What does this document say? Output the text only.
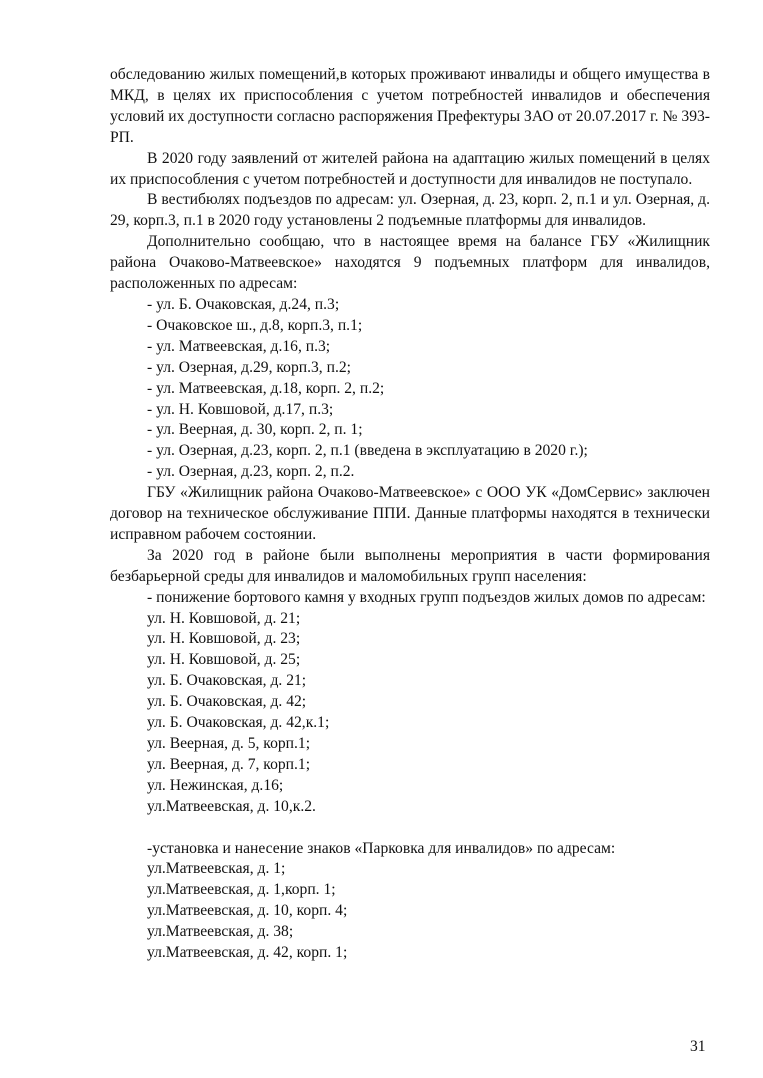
обследованию жилых помещений,в которых проживают инвалиды и общего имущества в МКД, в целях их приспособления с учетом потребностей инвалидов и обеспечения условий их доступности согласно распоряжения Префектуры ЗАО от 20.07.2017 г. № 393-РП.

В 2020 году заявлений от жителей района на адаптацию жилых помещений в целях их приспособления с учетом потребностей и доступности для инвалидов не поступало.

В вестибюлях подъездов по адресам: ул. Озерная, д. 23, корп. 2, п.1 и ул. Озерная, д. 29, корп.3, п.1 в 2020 году установлены 2 подъемные платформы для инвалидов.

Дополнительно сообщаю, что в настоящее время на балансе ГБУ «Жилищник района Очаково-Матвеевское» находятся 9 подъемных платформ для инвалидов, расположенных по адресам:

- ул. Б. Очаковская, д.24, п.3;

- Очаковское ш., д.8, корп.3, п.1;

- ул. Матвеевская, д.16, п.3;

- ул. Озерная, д.29, корп.3, п.2;

- ул. Матвеевская, д.18, корп. 2, п.2;

- ул. Н. Ковшовой, д.17, п.3;

- ул. Веерная, д. 30, корп. 2, п. 1;

- ул. Озерная, д.23, корп. 2, п.1 (введена в эксплуатацию в 2020 г.);

- ул. Озерная, д.23, корп. 2, п.2.

ГБУ «Жилищник района Очаково-Матвеевское» с ООО УК «ДомСервис» заключен договор на техническое обслуживание ППИ. Данные платформы находятся в технически исправном рабочем состоянии.

За 2020 год в районе были выполнены мероприятия в части формирования безбарьерной среды для инвалидов и маломобильных групп населения:

- понижение бортового камня у входных групп подъездов жилых домов по адресам:

ул. Н. Ковшовой, д. 21;

ул. Н. Ковшовой, д. 23;

ул. Н. Ковшовой, д. 25;

ул. Б. Очаковская, д. 21;

ул. Б. Очаковская, д. 42;

ул. Б. Очаковская, д. 42,к.1;

ул. Веерная, д. 5, корп.1;

ул. Веерная, д. 7, корп.1;

ул. Нежинская, д.16;

ул.Матвеевская, д. 10,к.2.

-установка и нанесение знаков «Парковка для инвалидов» по адресам:

ул.Матвеевская, д. 1;

ул.Матвеевская, д. 1,корп. 1;

ул.Матвеевская, д. 10, корп. 4;

ул.Матвеевская, д. 38;

ул.Матвеевская, д. 42, корп. 1;

31
